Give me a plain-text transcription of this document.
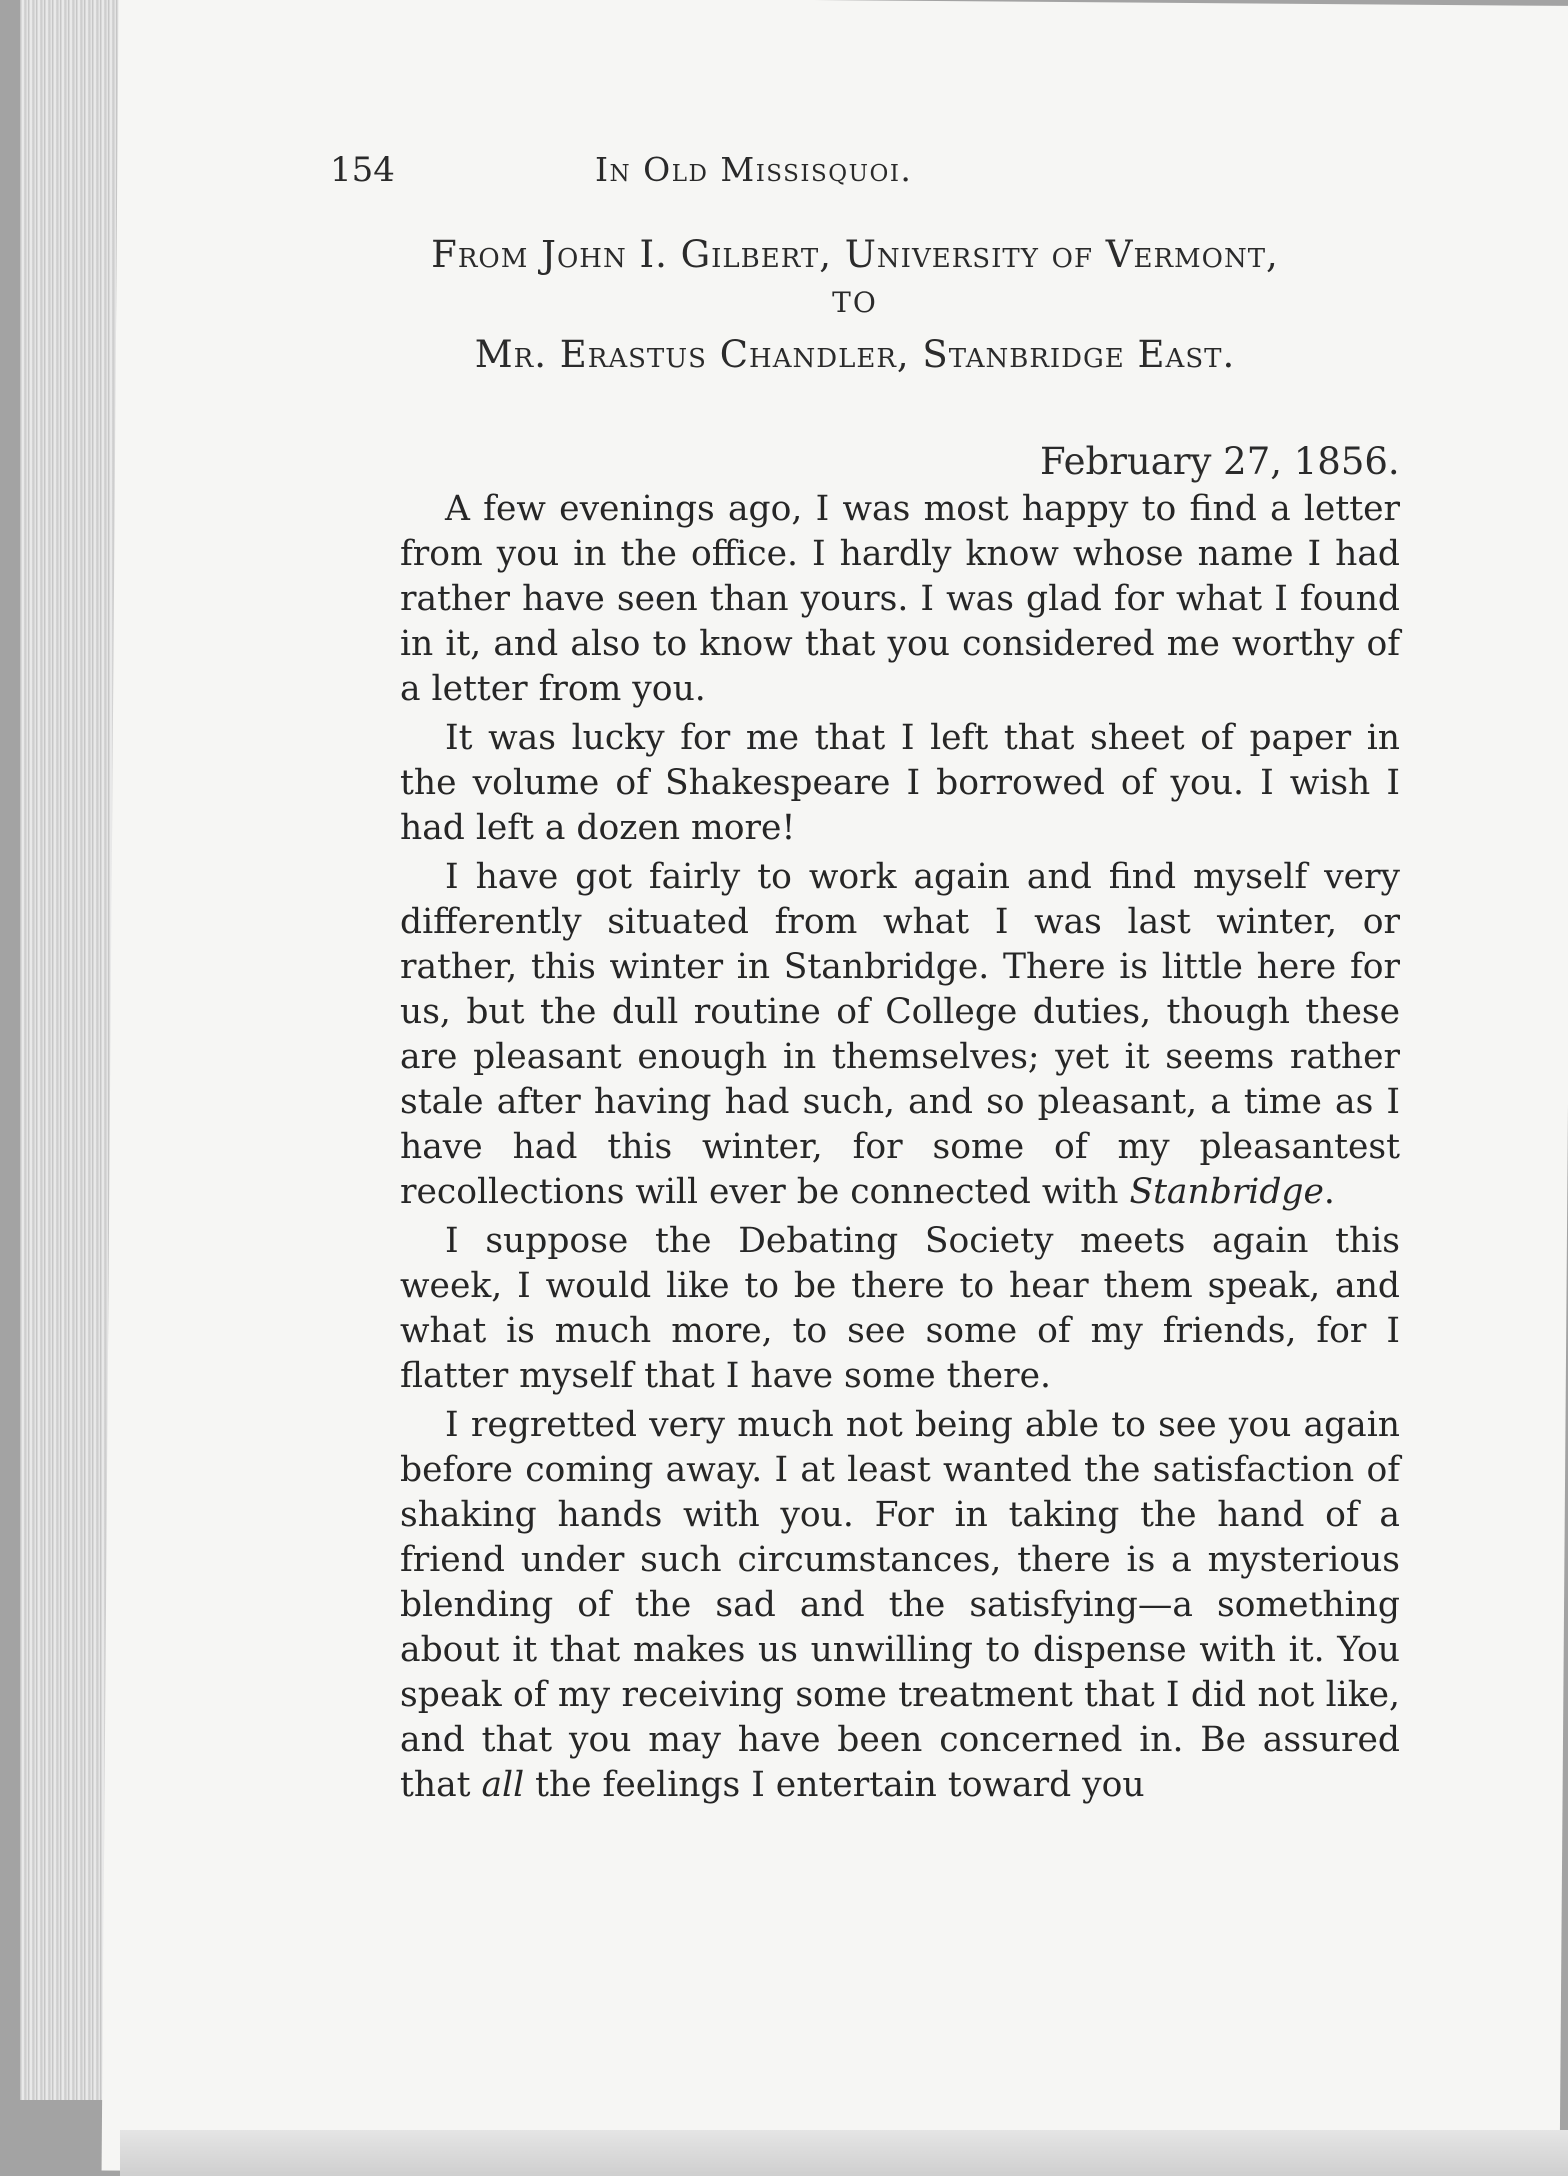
154	In Old Missisquoi.
From John I. Gilbert, University of Vermont,
TO
Mr. Erastus Chandler, Stanbridge East.
February 27, 1856.

A few evenings ago, I was most happy to find a letter from you in the office. I hardly know whose name I had rather have seen than yours. I was glad for what I found in it, and also to know that you considered me worthy of a letter from you.

It was lucky for me that I left that sheet of paper in the volume of Shakespeare I borrowed of you. I wish I had left a dozen more!

I have got fairly to work again and find myself very differently situated from what I was last winter, or rather, this winter in Stanbridge. There is little here for us, but the dull routine of College duties, though these are pleasant enough in themselves; yet it seems rather stale after having had such, and so pleasant, a time as I have had this winter, for some of my pleasantest recollections will ever be connected with Stanbridge.

I suppose the Debating Society meets again this week, I would like to be there to hear them speak, and what is much more, to see some of my friends, for I flatter myself that I have some there.

I regretted very much not being able to see you again before coming away. I at least wanted the satisfaction of shaking hands with you. For in taking the hand of a friend under such circumstances, there is a mysterious blending of the sad and the satisfying—a something about it that makes us unwilling to dispense with it. You speak of my receiving some treatment that I did not like, and that you may have been concerned in. Be assured that all the feelings I entertain toward you
